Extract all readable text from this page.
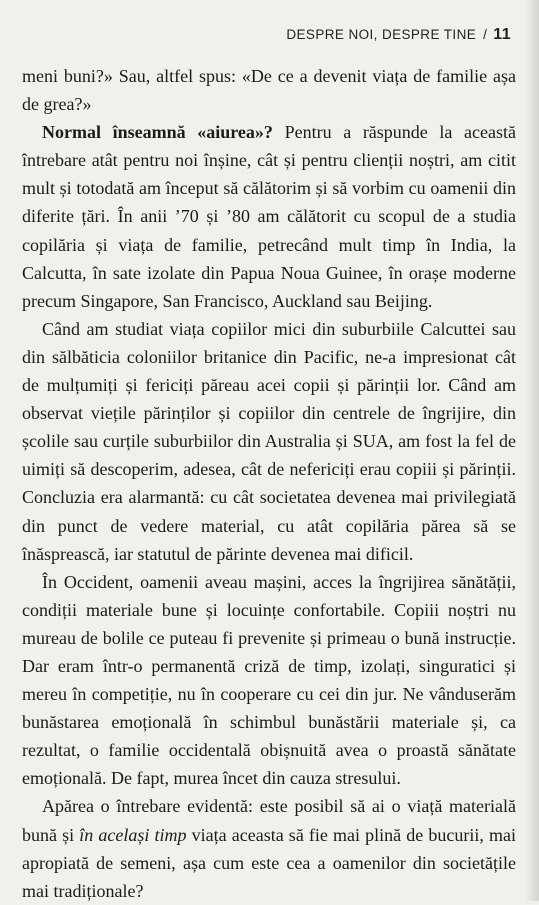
DESPRE NOI, DESPRE TINE / 11

meni buni?» Sau, altfel spus: «De ce a devenit viața de familie așa de grea?»

Normal înseamnă «aiurea»? Pentru a răspunde la această întrebare atât pentru noi înșine, cât și pentru clienții noștri, am citit mult și totodată am început să călătorim și să vorbim cu oamenii din diferite țări. În anii ’70 și ’80 am călătorit cu scopul de a studia copilăria și viața de familie, petrecând mult timp în India, la Calcutta, în sate izolate din Papua Noua Guinee, în orașe moderne precum Singapore, San Francisco, Auckland sau Beijing.

Când am studiat viața copiilor mici din suburbiile Calcuttei sau din sălbăticia coloniilor britanice din Pacific, ne-a impresionat cât de mulțumiți și fericiți păreau acei copii și părinții lor. Când am observat viețile părinților și copiilor din centrele de îngrijire, din școlile sau curțile suburbiilor din Australia și SUA, am fost la fel de uimiți să descoperim, adesea, cât de nefericiți erau copiii și părinții. Concluzia era alarmantă: cu cât societatea devenea mai privilegiată din punct de vedere material, cu atât copilăria părea să se înăsprească, iar statutul de părinte devenea mai dificil.

În Occident, oamenii aveau mașini, acces la îngrijirea sănătății, condiții materiale bune și locuințe confortabile. Copiii noștri nu mureau de bolile ce puteau fi prevenite și primeau o bună instrucție. Dar eram într-o permanentă criză de timp, izolați, singuratici și mereu în competiție, nu în cooperare cu cei din jur. Ne vânduserăm bunăstarea emoțională în schimbul bunăstării materiale și, ca rezultat, o familie occidentală obișnuită avea o proastă sănătate emoțională. De fapt, murea încet din cauza stresului.

Apărea o întrebare evidentă: este posibil să ai o viață materială bună și în același timp viața aceasta să fie mai plină de bucurii, mai apropiată de semeni, așa cum este cea a oamenilor din societățile mai tradiționale?
